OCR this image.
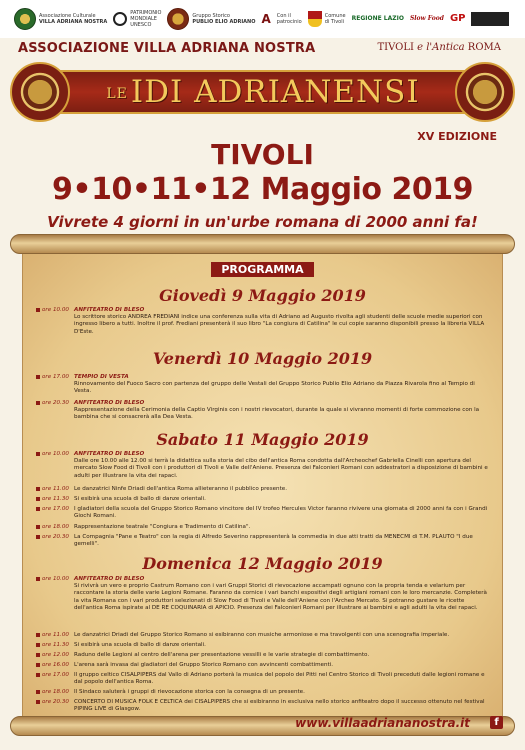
Associazione Culturale
VILLA ADRIANA NOSTRA
PATRIMONIO
MONDIALE
UNESCO
Gruppo Storico
PUBLIO ELIO ADRIANO A Con il
patrocinio
Comune
di Tivoli REGIONE LAZIO Slow Food GP
ASSOCIAZIONE VILLA ADRIANA NOSTRA	TIVOLI e l'Antica ROMA
LEIDI ADRIANENSI
XV EDIZIONE
TIVOLI
9•10•11•12 Maggio 2019
Vivrete 4 giorni in un'urbe romana di 2000 anni fa!
PROGRAMMA
Giovedì 9 Maggio 2019
ore 10.00 ANFITEATRO DI BLESO
Lo scrittore storico ANDREA FREDIANI indice una conferenza sulla vita di Adriano ad Augusto rivolta agli studenti delle scuole medie superiori con ingresso libero a tutti. Inoltre il prof. Frediani presenterà il suo libro "La congiura di Catilina" le cui copie saranno disponibili presso la libreria VILLA D'Este.
Venerdì 10 Maggio 2019
ore 17.00 TEMPIO DI VESTA
Rinnovamento del Fuoco Sacro con partenza del gruppo delle Vestali del Gruppo Storico Publio Elio Adriano da Piazza Rivarola fino al Tempio di Vesta.
ore 20.30 ANFITEATRO DI BLESO
Rappresentazione della Cerimonia della Captio Virginis con i nostri rievocatori, durante la quale si vivranno momenti di forte commozione con la bambina che si consacrerà alla Dea Vesta.
Sabato 11 Maggio 2019
ore 10.00 ANFITEATRO DI BLESO
Dalle ore 10.00 alle 12.00 si terrà la didattica sulla storia del cibo dell'antica Roma condotta dall'Archeochef Gabriella Cinelli con apertura del mercato Slow Food di Tivoli con i produttori di Tivoli e Valle dell'Aniene. Presenza dei Falconieri Romani con addestratori a disposizione di bambini e adulti per illustrare la vita dei rapaci.
ore 11.00 Le danzatrici Ninfe Driadi dell'antica Roma allieteranno il pubblico presente.
ore 11.30 Si esibirà una scuola di ballo di danze orientali.
ore 17.00 I gladiatori della scuola del Gruppo Storico Romano vincitore del IV trofeo Hercules Victor faranno rivivere una giornata di 2000 anni fa con i Grandi Giochi Romani.
ore 18.00 Rappresentazione teatrale "Congiura e Tradimento di Catilina".
ore 20.30 La Compagnia "Pane e Teatro" con la regia di Alfredo Severino rappresenterà la commedia in due atti tratti da MENECMI di T.M. PLAUTO "I due gemelli".
Domenica 12 Maggio 2019
ore 10.00 ANFITEATRO DI BLESO
Si rivivrà un vero e proprio Castrum Romano con i vari Gruppi Storici di rievocazione accampati ognuno con la propria tenda e velarium per raccontare la storia delle varie Legioni Romane. Faranno da cornice i vari banchi espositivi degli artigiani romani con le loro mercanzie. Completerà la vita Romana con i vari produttori selezionati di Slow Food di Tivoli e Valle dell'Aniene con l'Archeo Mercato. Si potranno gustare le ricette dell'antica Roma ispirate al DE RE COQUINARIA di APICIO. Presenza dei Falconieri Romani per illustrare ai bambini e agli adulti la vita dei rapaci.
ore 11.00 Le danzatrici Driadi del Gruppo Storico Romano si esibiranno con musiche armoniose e ma travolgenti con una scenografia imperiale.
ore 11.30 Si esibirà una scuola di ballo di danze orientali.
ore 12.00 Raduno delle Legioni al centro dell'arena per presentazione vessilli e le varie strategie di combattimento.
ore 16.00 L'arena sarà invasa dai gladiatori del Gruppo Storico Romano con avvincenti combattimenti.
ore 17.00 Il gruppo celtico CISALPIPERS dal Vallo di Adriano porterà la musica del popolo dei Pitti nel Centro Storico di Tivoli preceduti dalle legioni romane e dal popolo dell'antica Roma.
ore 18.00 Il Sindaco saluterà i gruppi di rievocazione storica con la consegna di un presente.
ore 20.30 CONCERTO DI MUSICA FOLK E CELTICA dei CISALPIPERS che si esibiranno in esclusiva nello storico anfiteatro dopo il successo ottenuto nel festival PIPING LIVE di Glasgow.
www.villaadriananostra.it	f
